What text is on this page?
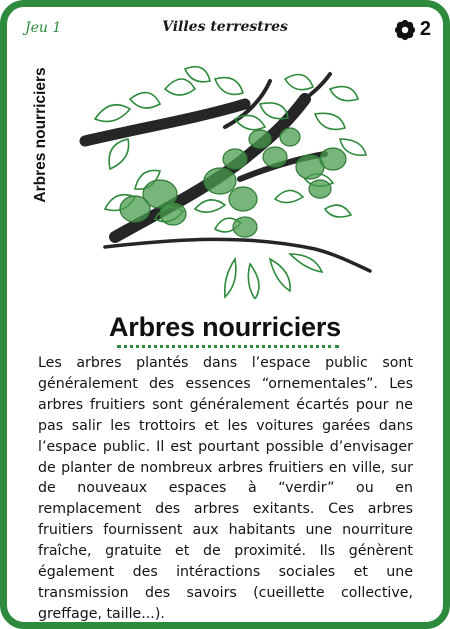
Jeu 1	Villes terrestres	2
Arbres nourriciers
Arbres nourriciers
Les arbres plantés dans l’espace public sont généralement des essences “ornementales”. Les arbres fruitiers sont généralement écartés pour ne pas salir les trottoirs et les voitures garées dans l’espace public. Il est pourtant possible d’envisager de planter de nombreux arbres fruitiers en ville, sur de nouveaux espaces à “verdir” ou en remplacement des arbres exitants. Ces arbres fruitiers fournissent aux habitants une nourriture fraîche, gratuite et de proximité. Ils génèrent également des intéractions sociales et une transmission des savoirs (cueillette collective, greffage, taille...).
